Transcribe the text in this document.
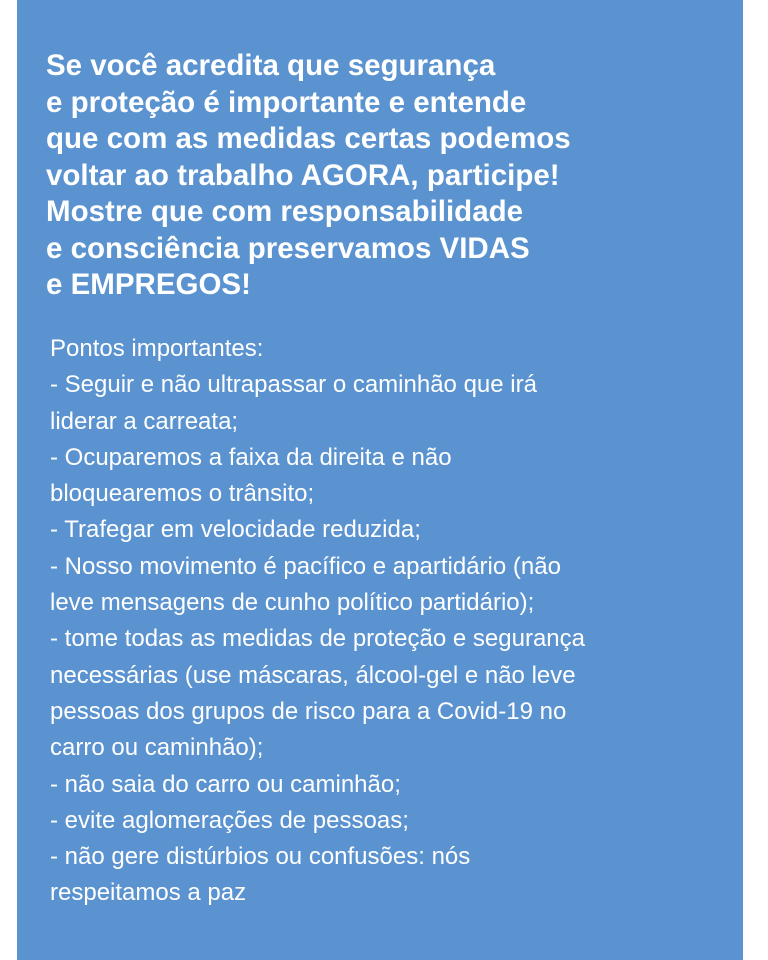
Se você acredita que segurança
e proteção é importante e entende
que com as medidas certas podemos
voltar ao trabalho AGORA, participe!
Mostre que com responsabilidade
e consciência preservamos VIDAS
e EMPREGOS!
Pontos importantes:
- Seguir e não ultrapassar o caminhão que irá
liderar a carreata;
- Ocuparemos a faixa da direita e não
bloquearemos o trânsito;
- Trafegar em velocidade reduzida;
- Nosso movimento é pacífico e apartidário (não
leve mensagens de cunho político partidário);
- tome todas as medidas de proteção e segurança
necessárias (use máscaras, álcool-gel e não leve
pessoas dos grupos de risco para a Covid-19 no
carro ou caminhão);
- não saia do carro ou caminhão;
- evite aglomerações de pessoas;
- não gere distúrbios ou confusões: nós
respeitamos a paz
